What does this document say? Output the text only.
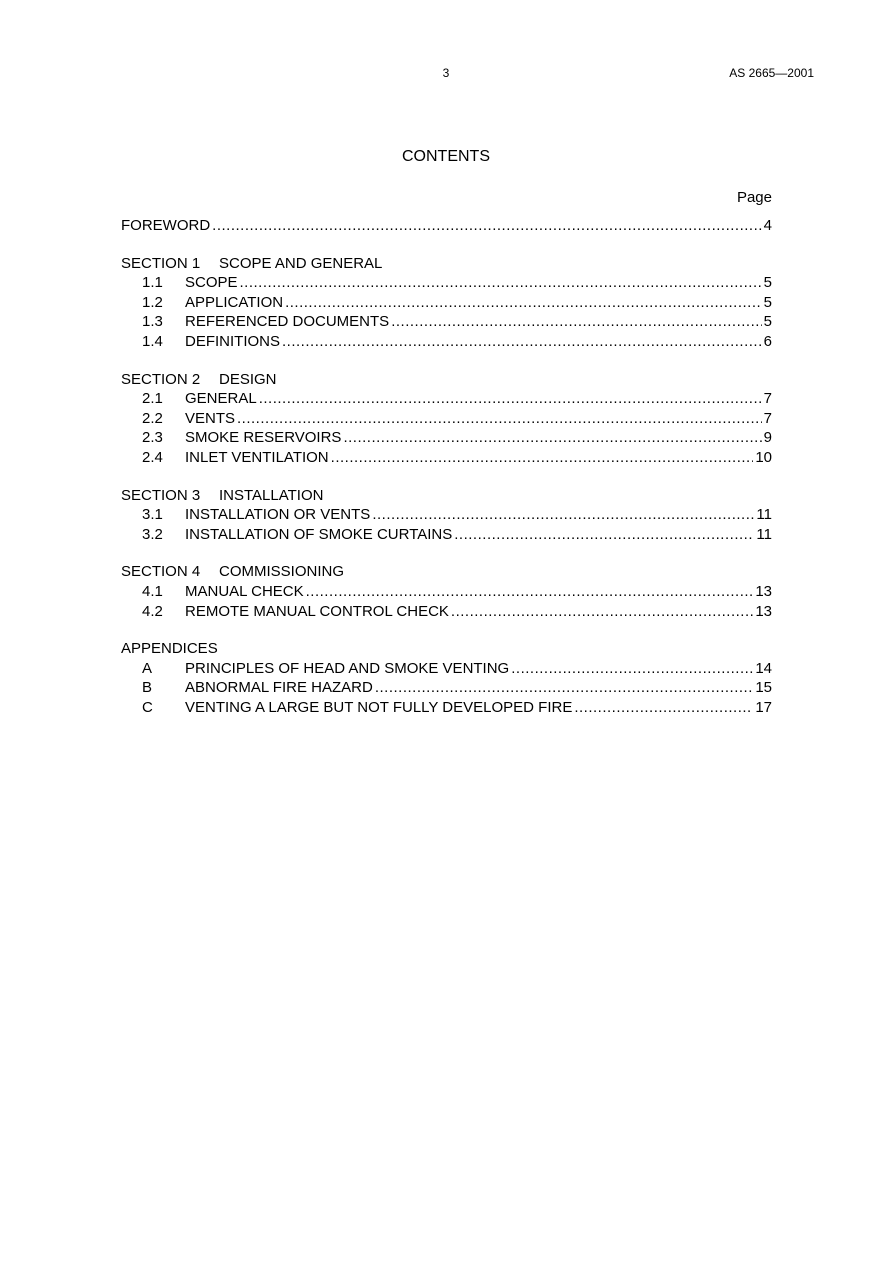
3	AS 2665—2001
CONTENTS
Page
FOREWORD .....	4
SECTION 1 SCOPE AND GENERAL
1.1	SCOPE .....	5
1.2	APPLICATION .....	5
1.3	REFERENCED DOCUMENTS .....	5
1.4	DEFINITIONS .....	6
SECTION 2 DESIGN
2.1	GENERAL .....	7
2.2	VENTS .....	7
2.3	SMOKE RESERVOIRS .....	9
2.4	INLET VENTILATION .....	10
SECTION 3 INSTALLATION
3.1	INSTALLATION OR VENTS .....	11
3.2	INSTALLATION OF SMOKE CURTAINS .....	11
SECTION 4 COMMISSIONING
4.1	MANUAL CHECK .....	13
4.2	REMOTE MANUAL CONTROL CHECK .....	13
APPENDICES
A	PRINCIPLES OF HEAD AND SMOKE VENTING .....	14
B	ABNORMAL FIRE HAZARD .....	15
C	VENTING A LARGE BUT NOT FULLY DEVELOPED FIRE .....	17
